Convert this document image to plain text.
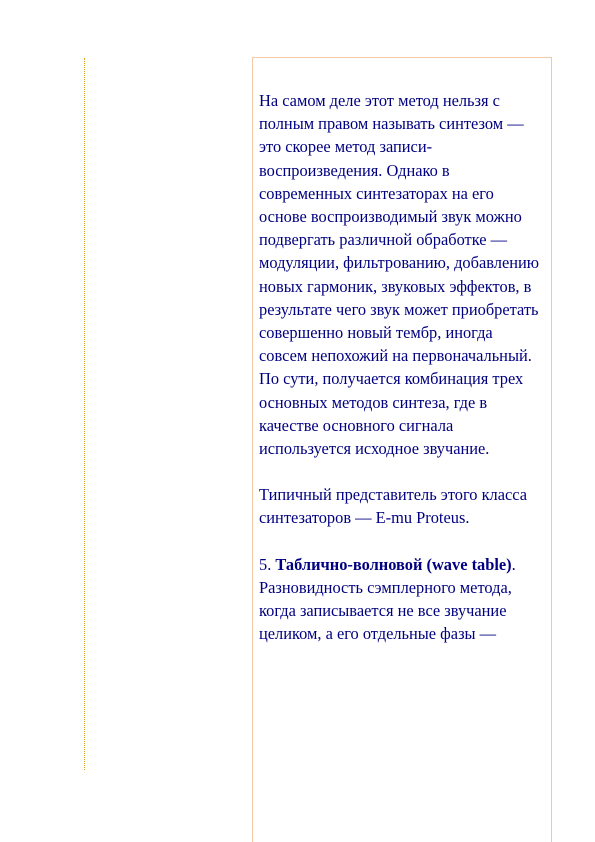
На самом деле этот метод нельзя с полным правом называть синтезом — это скорее метод записи-воспроизведения. Однако в современных синтезаторах на его основе воспроизводимый звук можно подвергать различной обработке — модуляции, фильтрованию, добавлению новых гармоник, звуковых эффектов, в результате чего звук может приобретать совершенно новый тембр, иногда совсем непохожий на первоначальный. По сути, получается комбинация трех основных методов синтеза, где в качестве основного сигнала используется исходное звучание.

Типичный представитель этого класса синтезаторов — E-mu Proteus.

5. Таблично-волновой (wave table). Разновидность сэмплерного метода, когда записывается не все звучание целиком, а его отдельные фазы —
